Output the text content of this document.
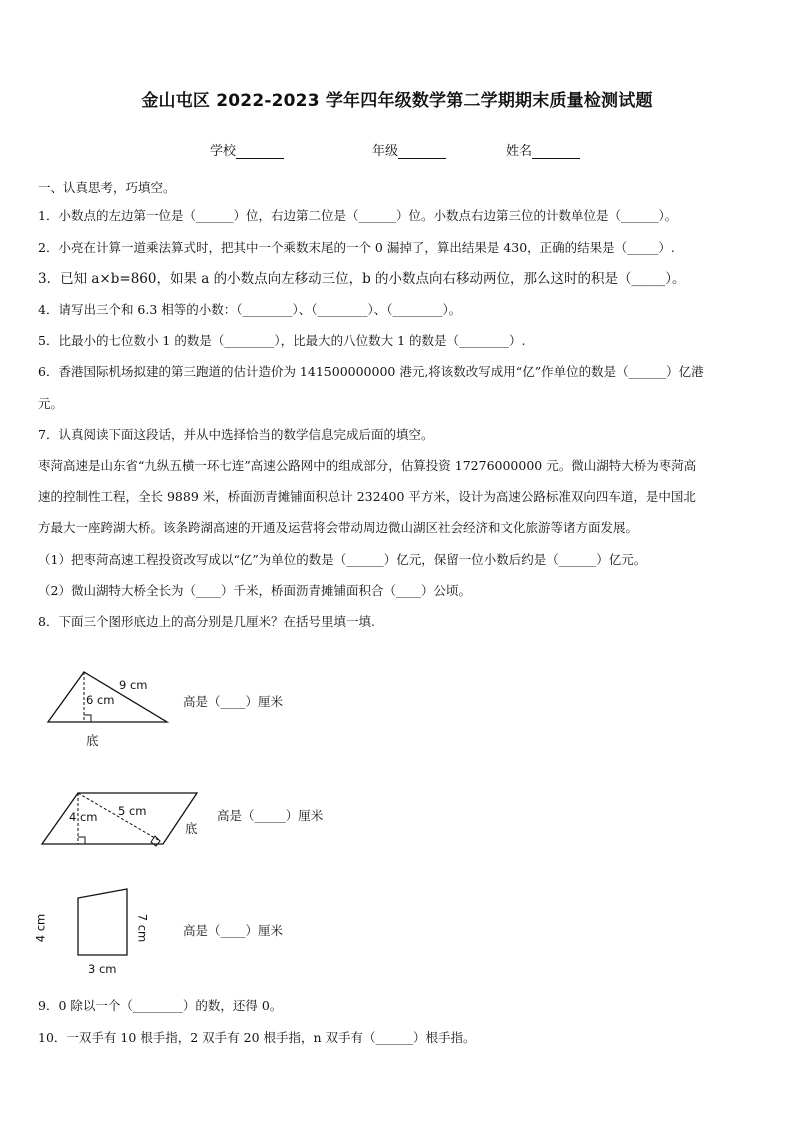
金山屯区 2022-2023 学年四年级数学第二学期期末质量检测试题
学校	年级	姓名
一、认真思考，巧填空。
1．小数点的左边第一位是（______）位，右边第二位是（______）位。小数点右边第三位的计数单位是（______）。
2．小亮在计算一道乘法算式时，把其中一个乘数末尾的一个 0 漏掉了，算出结果是 430，正确的结果是（_____）.
3．已知 a×b=860，如果 a 的小数点向左移动三位，b 的小数点向右移动两位，那么这时的积是（_____）。
4．请写出三个和 6.3 相等的小数：（________）、（________）、（________）。
5．比最小的七位数小 1 的数是（________），比最大的八位数大 1 的数是（________）.
6．香港国际机场拟建的第三跑道的估计造价为 141500000000 港元,将该数改写成用“亿”作单位的数是（______）亿港
元。
7．认真阅读下面这段话，并从中选择恰当的数学信息完成后面的填空。
枣菏高速是山东省“九纵五横一环七连”高速公路网中的组成部分，估算投资 17276000000 元。微山湖特大桥为枣菏高
速的控制性工程，全长 9889 米，桥面沥青摊铺面积总计 232400 平方米，设计为高速公路标准双向四车道，是中国北
方最大一座跨湖大桥。该条跨湖高速的开通及运营将会带动周边微山湖区社会经济和文化旅游等诸方面发展。
（1）把枣菏高速工程投资改写成以“亿”为单位的数是（______）亿元，保留一位小数后约是（______）亿元。
（2）微山湖特大桥全长为（____）千米，桥面沥青摊铺面积合（____）公顷。
8．下面三个图形底边上的高分别是几厘米？在括号里填一填.
9 cm
6 cm
底
高是（____）厘米
5 cm
4 cm
底
高是（_____）厘米
4 cm	7 cm
3 cm
高是（____）厘米
9．0 除以一个（________）的数，还得 0。
10．一双手有 10 根手指，2 双手有 20 根手指，n 双手有（______）根手指。
